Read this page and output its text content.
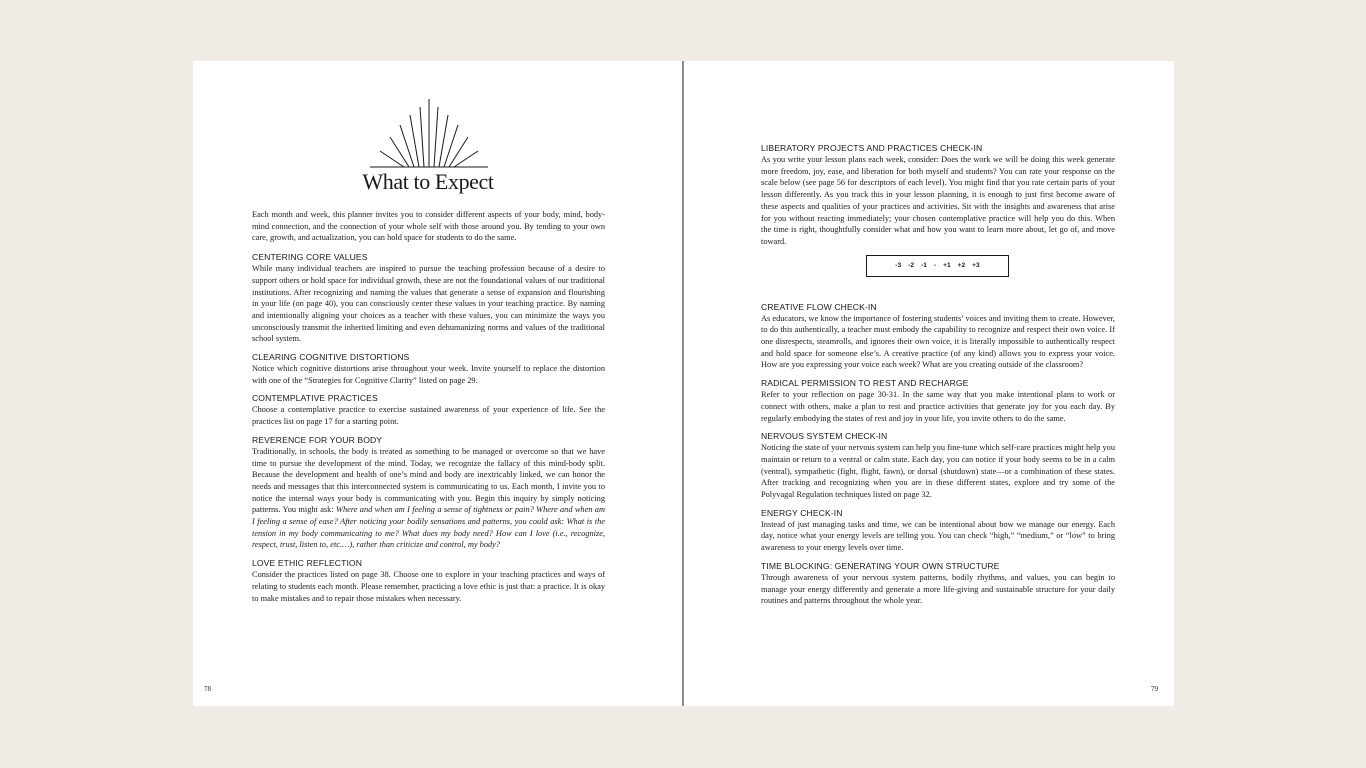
What to Expect

Each month and week, this planner invites you to consider different aspects of your body, mind, body-mind connection, and the connection of your whole self with those around you. By tending to your own care, growth, and actualization, you can hold space for students to do the same.

CENTERING CORE VALUES

While many individual teachers are inspired to pursue the teaching profession because of a desire to support others or hold space for individual growth, these are not the foundational values of our traditional institutions. After recognizing and naming the values that generate a sense of expansion and flourishing in your life (on page 40), you can consciously center these values in your teaching practice. By naming and intentionally aligning your choices as a teacher with these values, you can minimize the ways you unconsciously transmit the inherited limiting and even dehumanizing norms and values of the traditional school system.

CLEARING COGNITIVE DISTORTIONS

Notice which cognitive distortions arise throughout your week. Invite yourself to replace the distortion with one of the “Strategies for Cognitive Clarity” listed on page 29.

CONTEMPLATIVE PRACTICES

Choose a contemplative practice to exercise sustained awareness of your experience of life. See the practices list on page 17 for a starting point.

REVERENCE FOR YOUR BODY

Traditionally, in schools, the body is treated as something to be managed or overcome so that we have time to pursue the development of the mind. Today, we recognize the fallacy of this mind-body split. Because the development and health of one’s mind and body are inextricably linked, we can honor the needs and messages that this interconnected system is communicating to us. Each month, I invite you to notice the internal ways your body is communicating with you. Begin this inquiry by simply noticing patterns. You might ask: Where and when am I feeling a sense of tightness or pain? Where and when am I feeling a sense of ease? After noticing your bodily sensations and patterns, you could ask: What is the tension in my body communicating to me? What does my body need? How can I love (i.e., recognize, respect, trust, listen to, etc.…), rather than criticize and control, my body?

LOVE ETHIC REFLECTION

Consider the practices listed on page 38. Choose one to explore in your teaching practices and ways of relating to students each month. Please remember, practicing a love ethic is just that: a practice. It is okay to make mistakes and to repair those mistakes when necessary.

78
LIBERATORY PROJECTS AND PRACTICES CHECK-IN

As you write your lesson plans each week, consider: Does the work we will be doing this week generate more freedom, joy, ease, and liberation for both myself and students? You can rate your response on the scale below (see page 56 for descriptors of each level). You might find that you rate certain parts of your lesson differently. As you track this in your lesson planning, it is enough to just first become aware of these aspects and qualities of your practices and activities. Sit with the insights and awareness that arise for you without reacting immediately; your chosen contemplative practice will help you do this. When the time is right, thoughtfully consider what and how you want to learn more about, let go of, and move toward.

-3 -2 -1 - +1 +2 +3
CREATIVE FLOW CHECK-IN

As educators, we know the importance of fostering students’ voices and inviting them to create. However, to do this authentically, a teacher must embody the capability to recognize and respect their own voice. If one disrespects, steamrolls, and ignores their own voice, it is literally impossible to authentically respect and hold space for someone else’s. A creative practice (of any kind) allows you to express your voice. How are you expressing your voice each week? What are you creating outside of the classroom?

RADICAL PERMISSION TO REST AND RECHARGE

Refer to your reflection on page 30-31. In the same way that you make intentional plans to work or connect with others, make a plan to rest and practice activities that generate joy for you each day. By regularly embodying the states of rest and joy in your life, you invite others to do the same.

NERVOUS SYSTEM CHECK-IN

Noticing the state of your nervous system can help you fine-tune which self-care practices might help you maintain or return to a ventral or calm state. Each day, you can notice if your body seems to be in a calm (ventral), sympathetic (fight, flight, fawn), or dorsal (shutdown) state—or a combination of these states. After tracking and recognizing when you are in these different states, explore and try some of the Polyvagal Regulation techniques listed on page 32.

ENERGY CHECK-IN

Instead of just managing tasks and time, we can be intentional about how we manage our energy. Each day, notice what your energy levels are telling you. You can check “high,” “medium,” or “low” to bring awareness to your energy levels over time.

TIME BLOCKING: GENERATING YOUR OWN STRUCTURE

Through awareness of your nervous system patterns, bodily rhythms, and values, you can begin to manage your energy differently and generate a more life-giving and sustainable structure for your daily routines and patterns throughout the whole year.

79
